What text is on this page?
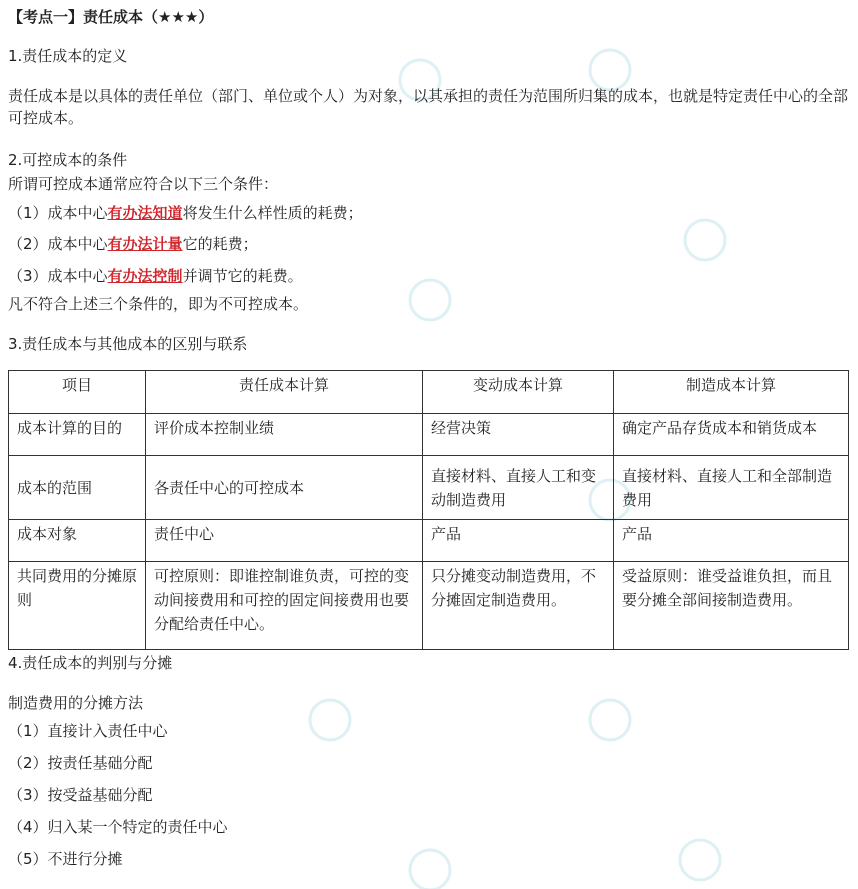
【考点一】责任成本（★★★）
1.责任成本的定义
责任成本是以具体的责任单位（部门、单位或个人）为对象，以其承担的责任为范围所归集的成本，也就是特定责任中心的全部可控成本。
2.可控成本的条件
所谓可控成本通常应符合以下三个条件：
（1）成本中心有办法知道将发生什么样性质的耗费；
（2）成本中心有办法计量它的耗费；
（3）成本中心有办法控制并调节它的耗费。
凡不符合上述三个条件的，即为不可控成本。
3.责任成本与其他成本的区别与联系
项目	责任成本计算	变动成本计算	制造成本计算
成本计算的目的	评价成本控制业绩	经营决策	确定产品存货成本和销货成本
成本的范围	各责任中心的可控成本	直接材料、直接人工和变动制造费用	直接材料、直接人工和全部制造费用
成本对象	责任中心	产品	产品
共同费用的分摊原则	可控原则：即谁控制谁负责，可控的变动间接费用和可控的固定间接费用也要分配给责任中心。	只分摊变动制造费用，不分摊固定制造费用。	受益原则：谁受益谁负担，而且要分摊全部间接制造费用。
4.责任成本的判别与分摊
制造费用的分摊方法
（1）直接计入责任中心
（2）按责任基础分配
（3）按受益基础分配
（4）归入某一个特定的责任中心
（5）不进行分摊
